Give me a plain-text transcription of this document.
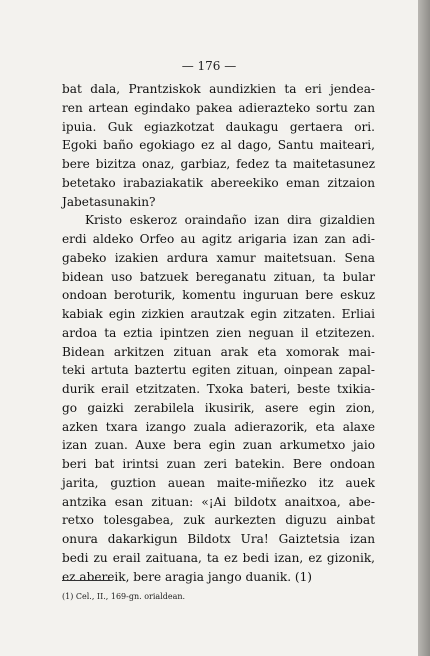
— 176 —

bat dala, Prantziskok aundizkien ta eri jendea-
ren artean egindako pakea adierazteko sortu zan
ipuia. Guk egiazkotzat daukagu gertaera ori.
Egoki baño egokiago ez al dago, Santu maiteari,
bere bizitza onaz, garbiaz, fedez ta maitetasunez
betetako irabaziakatik abereekiko eman zitzaion
Jabetasunakin?
Kristo eskeroz oraindaño izan dira gizaldien
erdi aldeko Orfeo au agitz arigaria izan zan adi-
gabeko izakien ardura xamur maitetsuan. Sena
bidean uso batzuek bereganatu zituan, ta bular
ondoan beroturik, komentu inguruan bere eskuz
kabiak egin zizkien arautzak egin zitzaten. Erliai
ardoa ta eztia ipintzen zien neguan il etzitezen.
Bidean arkitzen zituan arak eta xomorak mai-
teki artuta baztertu egiten zituan, oinpean zapal-
durik erail etzitzaten. Txoka bateri, beste txikia-
go gaizki zerabilela ikusirik, asere egin zion,
azken txara izango zuala adierazorik, eta alaxe
izan zuan. Auxe bera egin zuan arkumetxo jaio
beri bat irintsi zuan zeri batekin. Bere ondoan
jarita, guztion auean maite-miñezko itz auek
antzika esan zituan: «¡Ai bildotx anaitxoa, abe-
retxo tolesgabea, zuk aurkezten diguzu ainbat
onura dakarkigun Bildotx Ura! Gaiztetsia izan
bedi zu erail zaituana, ta ez bedi izan, ez gizonik,
ez abereik, bere aragia jango duanik. (1)

(1) Cel., II., 169-gn. orialdean.
